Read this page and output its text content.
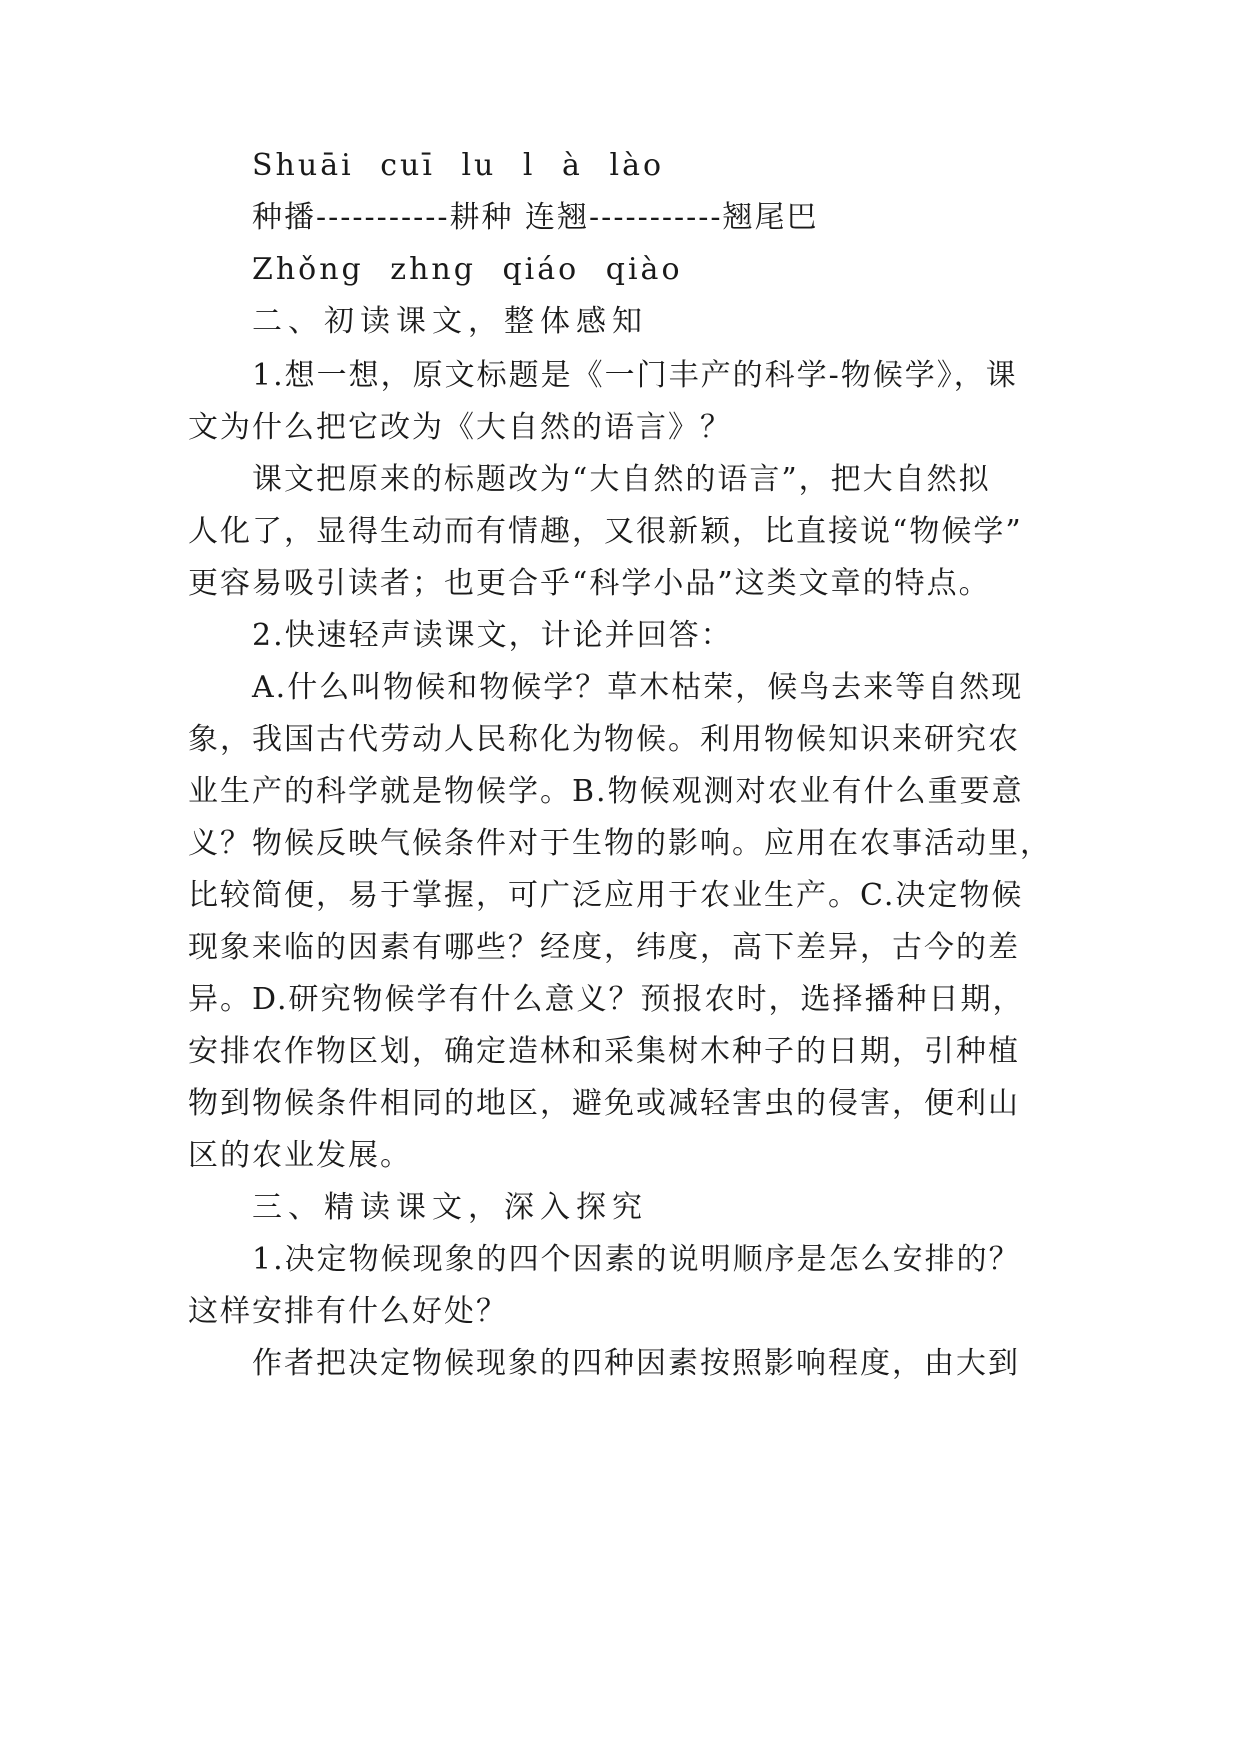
Shuāi cuī lu l à lào
种播-----------耕种 连翘-----------翘尾巴
Zhǒng zhng qiáo qiào
二、初读课文，整体感知
1.想一想，原文标题是《一门丰产的科学-物候学》，课
文为什么把它改为《大自然的语言》？
课文把原来的标题改为“大自然的语言”，把大自然拟
人化了，显得生动而有情趣，又很新颖，比直接说“物候学”
更容易吸引读者；也更合乎“科学小品”这类文章的特点。
2.快速轻声读课文，计论并回答：
A.什么叫物候和物候学？草木枯荣，候鸟去来等自然现
象，我国古代劳动人民称化为物候。利用物候知识来研究农
业生产的科学就是物候学。B.物候观测对农业有什么重要意
义？物候反映气候条件对于生物的影响。应用在农事活动里，
比较简便，易于掌握，可广泛应用于农业生产。C.决定物候
现象来临的因素有哪些？经度，纬度，高下差异，古今的差
异。D.研究物候学有什么意义？预报农时，选择播种日期，
安排农作物区划，确定造林和采集树木种子的日期，引种植
物到物候条件相同的地区，避免或减轻害虫的侵害，便利山
区的农业发展。
三、精读课文，深入探究
1.决定物候现象的四个因素的说明顺序是怎么安排的？
这样安排有什么好处？
作者把决定物候现象的四种因素按照影响程度，由大到
